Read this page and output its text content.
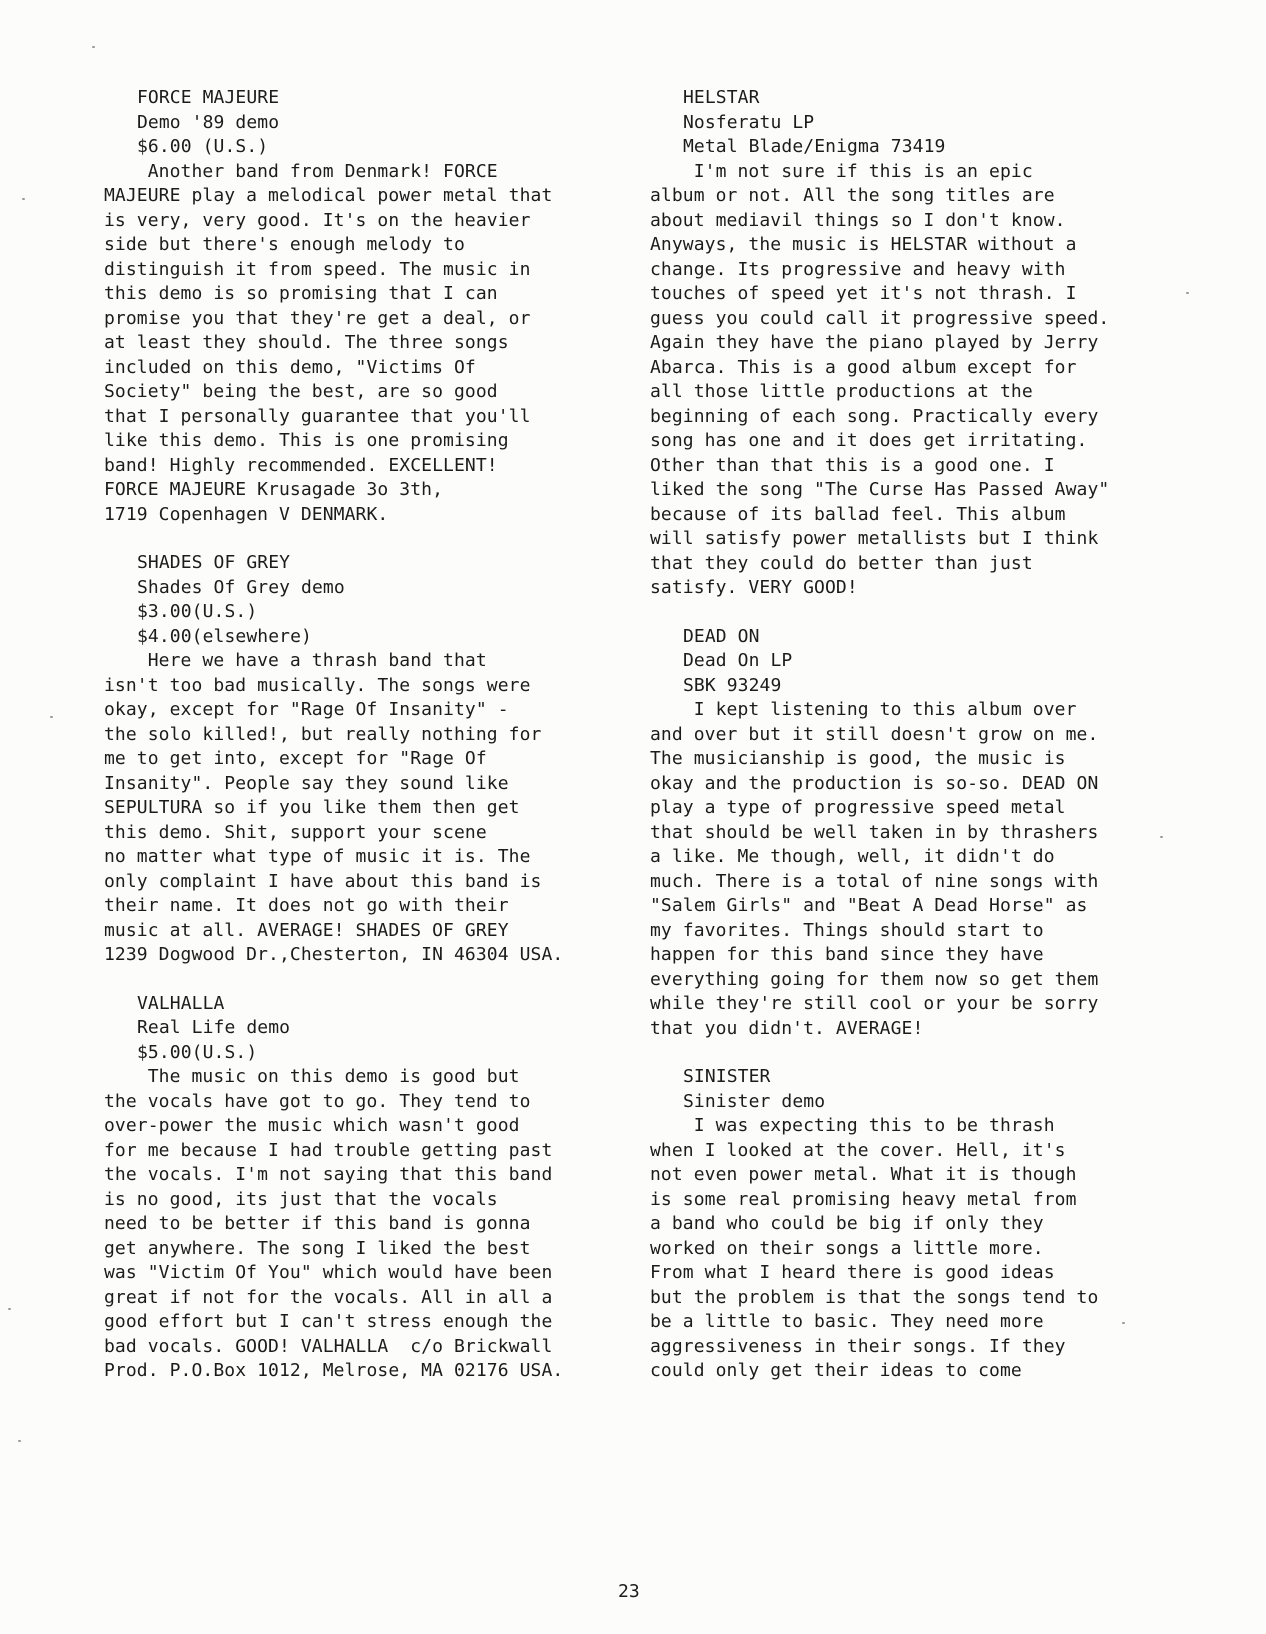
FORCE MAJEURE
Demo '89 demo
$6.00 (U.S.)
Another band from Denmark! FORCE
MAJEURE play a melodical power metal that
is very, very good. It's on the heavier
side but there's enough melody to
distinguish it from speed. The music in
this demo is so promising that I can
promise you that they're get a deal, or
at least they should. The three songs
included on this demo, "Victims Of
Society" being the best, are so good
that I personally guarantee that you'll
like this demo. This is one promising
band! Highly recommended. EXCELLENT!
FORCE MAJEURE Krusagade 3o 3th,
1719 Copenhagen V DENMARK.
SHADES OF GREY
Shades Of Grey demo
$3.00(U.S.)
$4.00(elsewhere)
Here we have a thrash band that
isn't too bad musically. The songs were
okay, except for "Rage Of Insanity" -
the solo killed!, but really nothing for
me to get into, except for "Rage Of
Insanity". People say they sound like
SEPULTURA so if you like them then get
this demo. Shit, support your scene
no matter what type of music it is. The
only complaint I have about this band is
their name. It does not go with their
music at all. AVERAGE! SHADES OF GREY
1239 Dogwood Dr.,Chesterton, IN 46304 USA.
VALHALLA
Real Life demo
$5.00(U.S.)
The music on this demo is good but
the vocals have got to go. They tend to
over-power the music which wasn't good
for me because I had trouble getting past
the vocals. I'm not saying that this band
is no good, its just that the vocals
need to be better if this band is gonna
get anywhere. The song I liked the best
was "Victim Of You" which would have been
great if not for the vocals. All in all a
good effort but I can't stress enough the
bad vocals. GOOD! VALHALLA  c/o Brickwall
Prod. P.O.Box 1012, Melrose, MA 02176 USA.
HELSTAR
Nosferatu LP
Metal Blade/Enigma 73419
I'm not sure if this is an epic
album or not. All the song titles are
about mediavil things so I don't know.
Anyways, the music is HELSTAR without a
change. Its progressive and heavy with
touches of speed yet it's not thrash. I
guess you could call it progressive speed.
Again they have the piano played by Jerry
Abarca. This is a good album except for
all those little productions at the
beginning of each song. Practically every
song has one and it does get irritating.
Other than that this is a good one. I
liked the song "The Curse Has Passed Away"
because of its ballad feel. This album
will satisfy power metallists but I think
that they could do better than just
satisfy. VERY GOOD!
DEAD ON
Dead On LP
SBK 93249
I kept listening to this album over
and over but it still doesn't grow on me.
The musicianship is good, the music is
okay and the production is so-so. DEAD ON
play a type of progressive speed metal
that should be well taken in by thrashers
a like. Me though, well, it didn't do
much. There is a total of nine songs with
"Salem Girls" and "Beat A Dead Horse" as
my favorites. Things should start to
happen for this band since they have
everything going for them now so get them
while they're still cool or your be sorry
that you didn't. AVERAGE!
SINISTER
Sinister demo
I was expecting this to be thrash
when I looked at the cover. Hell, it's
not even power metal. What it is though
is some real promising heavy metal from
a band who could be big if only they
worked on their songs a little more.
From what I heard there is good ideas
but the problem is that the songs tend to
be a little to basic. They need more
aggressiveness in their songs. If they
could only get their ideas to come
23
